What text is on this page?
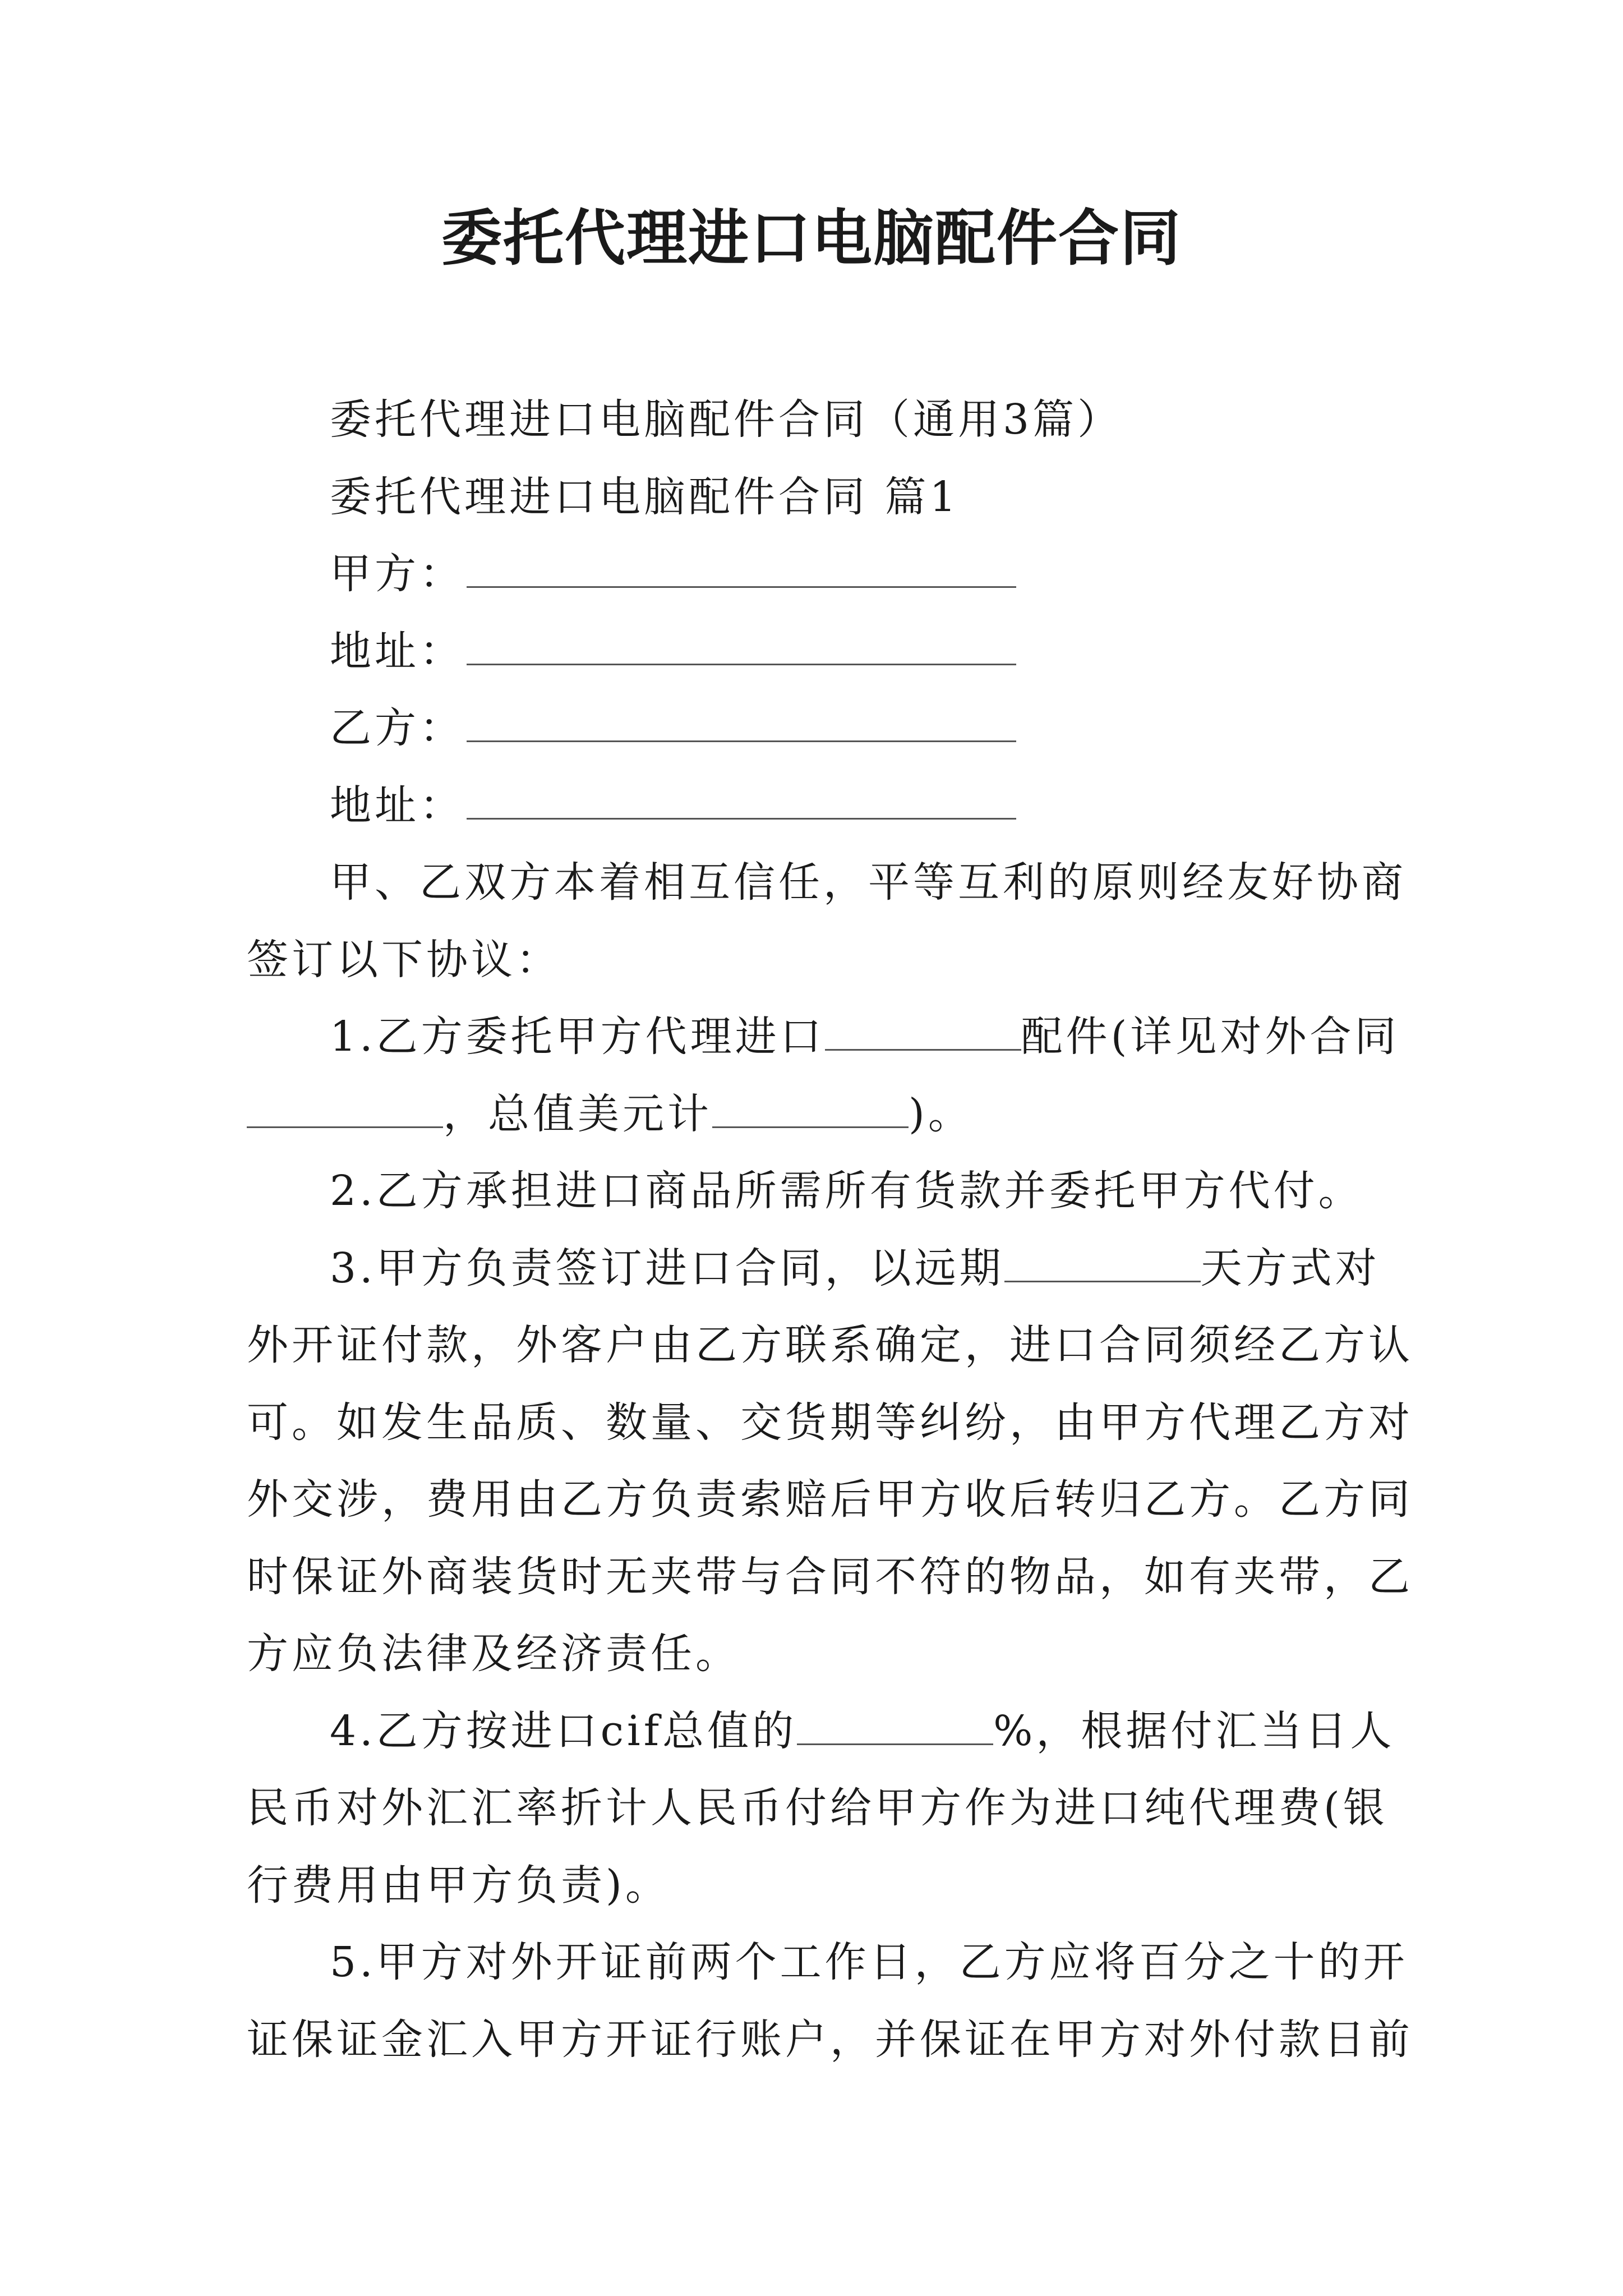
委托代理进口电脑配件合同
委托代理进口电脑配件合同（通用3篇）
委托代理进口电脑配件合同 篇1
甲方：
地址：
乙方：
地址：
甲、乙双方本着相互信任，平等互利的原则经友好协商
签订以下协议：
1.乙方委托甲方代理进口	配件(详见对外合同
，总值美元计	)。
2.乙方承担进口商品所需所有货款并委托甲方代付。
3.甲方负责签订进口合同，以远期	天方式对
外开证付款，外客户由乙方联系确定，进口合同须经乙方认
可。如发生品质、数量、交货期等纠纷，由甲方代理乙方对
外交涉，费用由乙方负责索赔后甲方收后转归乙方。乙方同
时保证外商装货时无夹带与合同不符的物品，如有夹带，乙
方应负法律及经济责任。
4.乙方按进口cif总值的	%，根据付汇当日人
民币对外汇汇率折计人民币付给甲方作为进口纯代理费(银
行费用由甲方负责)。
5.甲方对外开证前两个工作日，乙方应将百分之十的开
证保证金汇入甲方开证行账户，并保证在甲方对外付款日前
